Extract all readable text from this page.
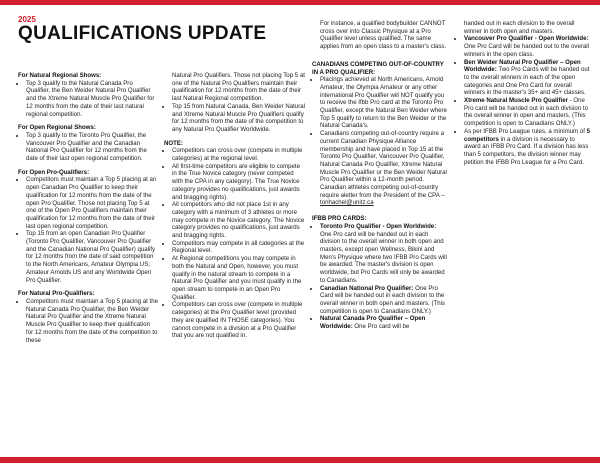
2025
QUALIFICATIONS UPDATE
For Natural Regional Shows:
• Top 3 qualify to the Natural Canada Pro Qualifier, the Ben Weider Natural Pro Qualifier and the Xtreme Natural Muscle Pro Qualifier for 12 months from the date of their last natural regional competition.
For Open Regional Shows:
• Top 3 qualify to the Toronto Pro Qualifier, the Vancouver Pro Qualifier and the Canadian National Pro Qualifier for 12 months from the date of their last open regional competition.
For Open Pro-Qualifiers:
• Competitors must maintain a Top 5 placing at an open Canadian Pro Qualifier to keep their qualification for 12 months from the date of the open Pro Qualifier. Those not placing Top 5 at one of the Open Pro Qualifiers maintain their qualification for 12 months from the date of their last open regional competition.
• Top 15 from an open Canadian Pro Qualifier (Toronto Pro Qualifier, Vancouver Pro Qualifier and the Canadian National Pro Qualifier) qualify for 12 months from the date of said competition to the North Americans, Amateur Olympia US; Amateur Arnolds US and any Worldwide Open Pro Qualifier.
For Natural Pro-Qualifiers:
• Competitors must maintain a Top 5 placing at the Natural Canada Pro Qualifier, the Ben Weider Natural Pro Qualifier and the Xtreme Natural Muscle Pro Qualifier to keep their qualification for 12 months from the date of the competition to these
Natural Pro Qualifiers. Those not placing Top 5 at one of the Natural Pro Qualifiers maintain their qualification for 12 months from the date of their last Natural Regional competition.
• Top 15 from Natural Canada, Ben Weider Natural and Xtreme Natural Muscle Pro Qualifiers qualify for 12 months from the date of the competition to any Natural Pro Qualifier Worldwide.
NOTE:
• Competitors can cross over (compete in multiple categories) at the regional level.
• All first-time competitors are eligible to compete in the True Novice category (never competed with the CPA in any category). The True Novice category provides no qualifications, just awards and bragging rights).
• All competitors who did not place 1st in any category with a minimum of 3 athletes or more may compete in the Novice category. The Novice category provides no qualifications, just awards and bragging rights.
• Competitors may compete in all categories at the Regional level.
• At Regional competitions you may compete in both the Natural and Open, however, you must qualify in the natural stream to compete in a Natural Pro Qualifier and you must qualify in the open stream to compete in an Open Pro Qualifier.
• Competitors can cross over (compete in multiple categories) at the Pro Qualifier level (provided they are qualified IN THOSE categories). You cannot compete in a division at a Pro Qualifier that you are not qualified in.
For instance, a qualified bodybuilder CANNOT cross over into Classic Physique at a Pro Qualifier level unless qualified. The same applies from an open class to a master's class.
CANADIANS COMPETING OUT-OF-COUNTRY IN A PRO QUALIFIER:
• Placings achieved at North Americans, Arnold Amateur, the Olympia Amateur or any other international Pro Qualifier will NOT qualify you to receive the Ifbb Pro card at the Toronto Pro Qualifier, except the Natural Ben Weider where Top 5 qualify to return to the Ben Weider or the Natural Canada's.
• Canadians competing out-of-country require a current Canadian Physique Alliance membership and have placed in Top 15 at the Toronto Pro Qualifier, Vancouver Pro Qualifier, Natural Canada Pro Qualifier, Xtreme Natural Muscle Pro Qualifier or the Ben Weider Natural Pro Qualifier within a 12-month period. Canadian athletes competing out-of-country require aletter from the President of the CPA – tonhachel@unitz.ca
IFBB PRO CARDS:
• Toronto Pro Qualifier - Open Worldwide: One Pro card will be handed out in each division to the overall winner in both open and masters, except open Wellness, Bikini and Men's Physique where two IFBB Pro Cards will be awarded. The master's division is open worldwide, but Pro Cards will only be awarded to Canadians.
• Canadian National Pro Qualifier: One Pro Card will be handed out in each division to the overall winner in both open and masters. (This competition is open to Canadians ONLY.)
• Natural Canada Pro Qualifier – Open Worldwide: One Pro card will be
handed out in each division to the overall winner in both open and masters.
• Vancouver Pro Qualifier - Open Worldwide: One Pro Card will be handed out to the overall winners in the open class.
• Ben Weider Natural Pro Qualifier – Open Worldwide: Two Pro Cards will be handed out to the overall winners in each of the open categories and One Pro Card for overall winners in the master's 35+ and 45+ classes.
• Xtreme Natural Muscle Pro Qualifier - One Pro card will be handed out in each division to the overall winner in open and masters. (This competition is open to Canadians ONLY.)
• As per IFBB Pro League rules, a minimum of 5 competitors in a division is necessary to award an IFBB Pro Card. If a division has less than 5 competitors, the division winner may petition the IFBB Pro League for a Pro Card.
